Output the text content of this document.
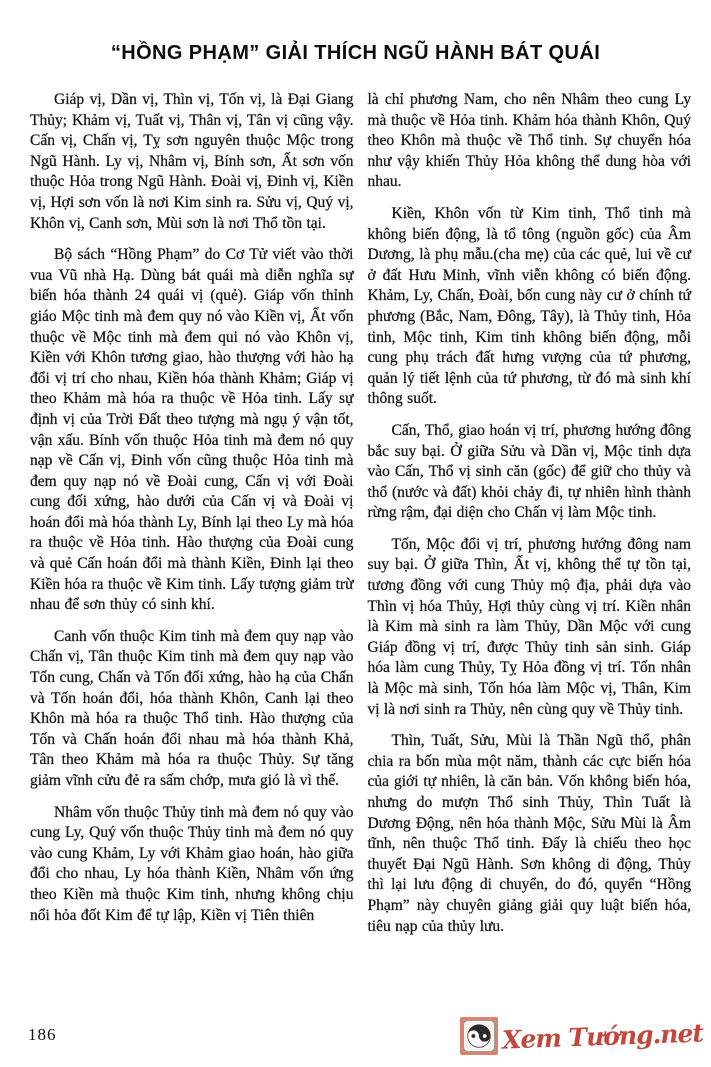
“HỒNG PHẠM” GIẢI THÍCH NGŨ HÀNH BÁT QUÁI

Giáp vị, Dần vị, Thìn vị, Tốn vị, là Đại Giang Thủy; Khảm vị, Tuất vị, Thân vị, Tân vị cũng vậy. Cấn vị, Chấn vị, Tỵ sơn nguyên thuộc Mộc trong Ngũ Hành. Ly vị, Nhâm vị, Bính sơn, Ất sơn vốn thuộc Hỏa trong Ngũ Hành. Đoài vị, Đinh vị, Kiền vị, Hợi sơn vốn là nơi Kim sinh ra. Sửu vị, Quý vị, Khôn vị, Canh sơn, Mùi sơn là nơi Thổ tồn tại.

Bộ sách “Hồng Phạm” do Cơ Tử viết vào thời vua Vũ nhà Hạ. Dùng bát quái mà diễn nghĩa sự biến hóa thành 24 quái vị (quẻ). Giáp vốn thỉnh giáo Mộc tinh mà đem quy nó vào Kiền vị, Ất vốn thuộc về Mộc tinh mà đem qui nó vào Khôn vị, Kiền với Khôn tương giao, hào thượng với hào hạ đổi vị trí cho nhau, Kiền hóa thành Khảm; Giáp vị theo Khảm mà hóa ra thuộc về Hỏa tinh. Lấy sự định vị của Trời Đất theo tượng mà ngụ ý vận tốt, vận xấu. Bính vốn thuộc Hỏa tinh mà đem nó quy nạp về Cấn vị, Đinh vốn cũng thuộc Hỏa tinh mà đem quy nạp nó về Đoài cung, Cấn vị với Đoài cung đối xứng, hào dưới của Cấn vị và Đoài vị hoán đổi mà hóa thành Ly, Bính lại theo Ly mà hóa ra thuộc về Hỏa tinh. Hào thượng của Đoài cung và quẻ Cấn hoán đổi mà thành Kiền, Đinh lại theo Kiền hóa ra thuộc về Kim tinh. Lấy tượng giảm trừ nhau để sơn thủy có sinh khí.

Canh vốn thuộc Kim tinh mà đem quy nạp vào Chấn vị, Tân thuộc Kim tinh mà đem quy nạp vào Tốn cung, Chấn và Tốn đối xứng, hào hạ của Chấn và Tốn hoán đổi, hóa thành Khôn, Canh lại theo Khôn mà hóa ra thuộc Thổ tinh. Hào thượng của Tốn và Chấn hoán đổi nhau mà hóa thành Khả, Tân theo Khảm mà hóa ra thuộc Thủy. Sự tăng giảm vĩnh cửu đẻ ra sấm chớp, mưa gió là vì thế.

Nhâm vốn thuộc Thủy tinh mà đem nó quy vào cung Ly, Quý vốn thuộc Thủy tinh mà đem nó quy vào cung Khảm, Ly với Khảm giao hoán, hào giữa đổi cho nhau, Ly hóa thành Kiền, Nhâm vốn ứng theo Kiền mà thuộc Kim tinh, nhưng không chịu nổi hỏa đốt Kim để tự lập, Kiền vị Tiên thiên

là chỉ phương Nam, cho nên Nhâm theo cung Ly mà thuộc về Hỏa tinh. Khảm hóa thành Khôn, Quý theo Khôn mà thuộc về Thổ tinh. Sự chuyển hóa như vậy khiến Thủy Hỏa không thể dung hòa với nhau.

Kiền, Khôn vốn từ Kim tinh, Thổ tinh mà không biến động, là tổ tông (nguồn gốc) của Âm Dương, là phụ mẫu.(cha mẹ) của các quẻ, lui về cư ở đất Hưu Minh, vĩnh viễn không có biến động. Khảm, Ly, Chấn, Đoài, bốn cung này cư ở chính tứ phương (Bắc, Nam, Đông, Tây), là Thủy tinh, Hỏa tinh, Mộc tinh, Kim tinh không biến động, mỗi cung phụ trách đất hưng vượng của tứ phương, quản lý tiết lệnh của tứ phương, từ đó mà sinh khí thông suốt.

Cấn, Thổ, giao hoán vị trí, phương hướng đông bắc suy bại. Ở giữa Sửu và Dần vị, Mộc tinh dựa vào Cấn, Thổ vị sinh căn (gốc) để giữ cho thủy và thổ (nước và đất) khỏi chảy đi, tự nhiên hình thành rừng rậm, đại diện cho Chấn vị làm Mộc tinh.

Tốn, Mộc đổi vị trí, phương hướng đông nam suy bại. Ở giữa Thìn, Ất vị, không thể tự tồn tại, tương đồng với cung Thủy mộ địa, phải dựa vào Thìn vị hóa Thủy, Hợi thủy cùng vị trí. Kiền nhân là Kim mà sinh ra làm Thủy, Dần Mộc với cung Giáp đồng vị trí, được Thủy tinh sản sinh. Giáp hóa làm cung Thủy, Tỵ Hỏa đồng vị trí. Tốn nhân là Mộc mà sinh, Tốn hóa làm Mộc vị, Thân, Kim vị là nơi sinh ra Thủy, nên cùng quy về Thủy tinh.

Thìn, Tuất, Sửu, Mùi là Thần Ngũ thổ, phân chia ra bốn mùa một năm, thành các cực biến hóa của giới tự nhiên, là căn bản. Vốn không biến hóa, nhưng do mượn Thổ sinh Thủy, Thìn Tuất là Dương Động, nên hóa thành Mộc, Sửu Mùi là Âm tĩnh, nên thuộc Thổ tinh. Đấy là chiếu theo học thuyết Đại Ngũ Hành. Sơn không di động, Thủy thì lại lưu động di chuyển, do đó, quyển “Hồng Phạm” này chuyên giảng giải quy luật biến hóa, tiêu nạp của thủy lưu.

186	Xem Tướng.net
